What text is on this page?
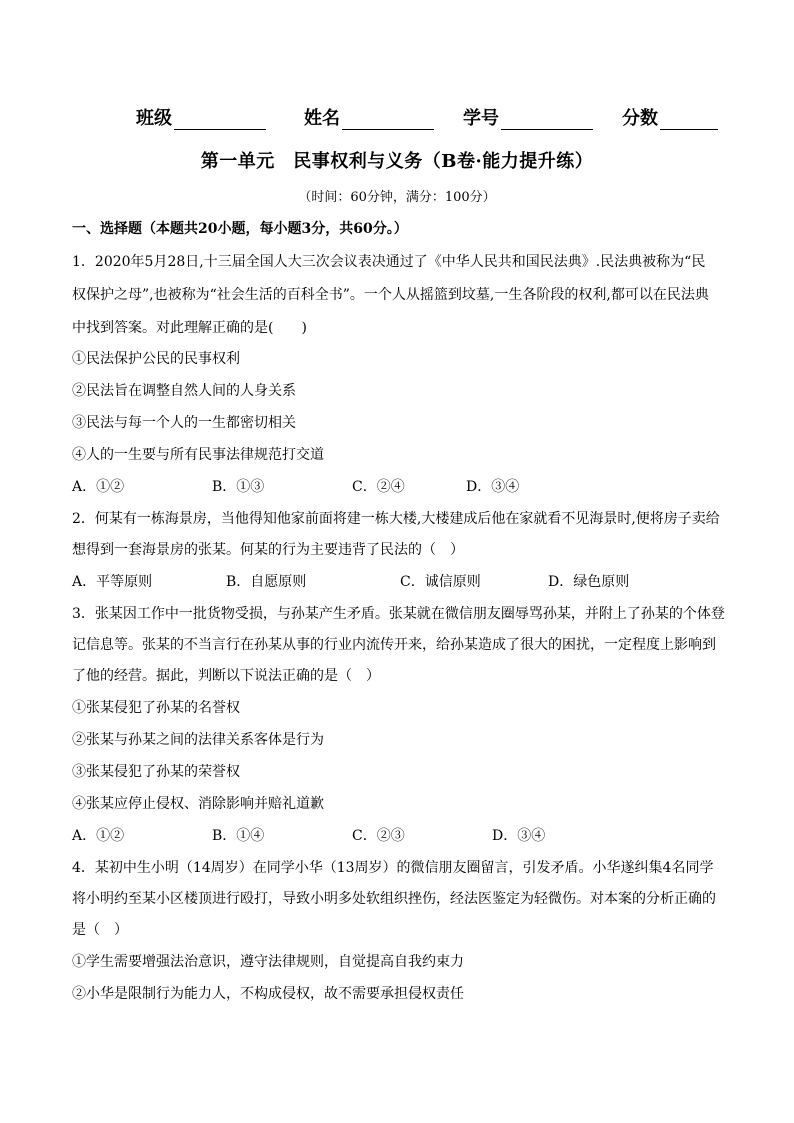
班级	姓名	学号	分数
第一单元　民事权利与义务（B卷·能力提升练）
（时间：60分钟，满分：100分）
一、选择题（本题共20小题，每小题3分，共60分。）
1．2020年5月28日,十三届全国人大三次会议表决通过了《中华人民共和国民法典》.民法典被称为“民
权保护之母”,也被称为“社会生活的百科全书”。一个人从摇篮到坟墓,一生各阶段的权利,都可以在民法典
中找到答案。对此理解正确的是(　　)
①民法保护公民的民事权利
②民法旨在调整自然人间的人身关系
③民法与每一个人的一生都密切相关
④人的一生要与所有民事法律规范打交道
A．①②	B．①③	C．②④	D．③④
2．何某有一栋海景房，当他得知他家前面将建一栋大楼,大楼建成后他在家就看不见海景时,便将房子卖给
想得到一套海景房的张某。何某的行为主要违背了民法的（　）
A．平等原则	B．自愿原则	C．诚信原则	D．绿色原则
3．张某因工作中一批货物受损，与孙某产生矛盾。张某就在微信朋友圈辱骂孙某，并附上了孙某的个体登
记信息等。张某的不当言行在孙某从事的行业内流传开来，给孙某造成了很大的困扰，一定程度上影响到
了他的经营。据此，判断以下说法正确的是（　）
①张某侵犯了孙某的名誉权
②张某与孙某之间的法律关系客体是行为
③张某侵犯了孙某的荣誉权
④张某应停止侵权、消除影响并赔礼道歉
A．①②	B．①④	C．②③	D．③④
4．某初中生小明（14周岁）在同学小华（13周岁）的微信朋友圈留言，引发矛盾。小华遂纠集4名同学
将小明约至某小区楼顶进行殴打，导致小明多处软组织挫伤，经法医鉴定为轻微伤。对本案的分析正确的
是（　）
①学生需要增强法治意识，遵守法律规则，自觉提高自我约束力
②小华是限制行为能力人，不构成侵权，故不需要承担侵权责任
